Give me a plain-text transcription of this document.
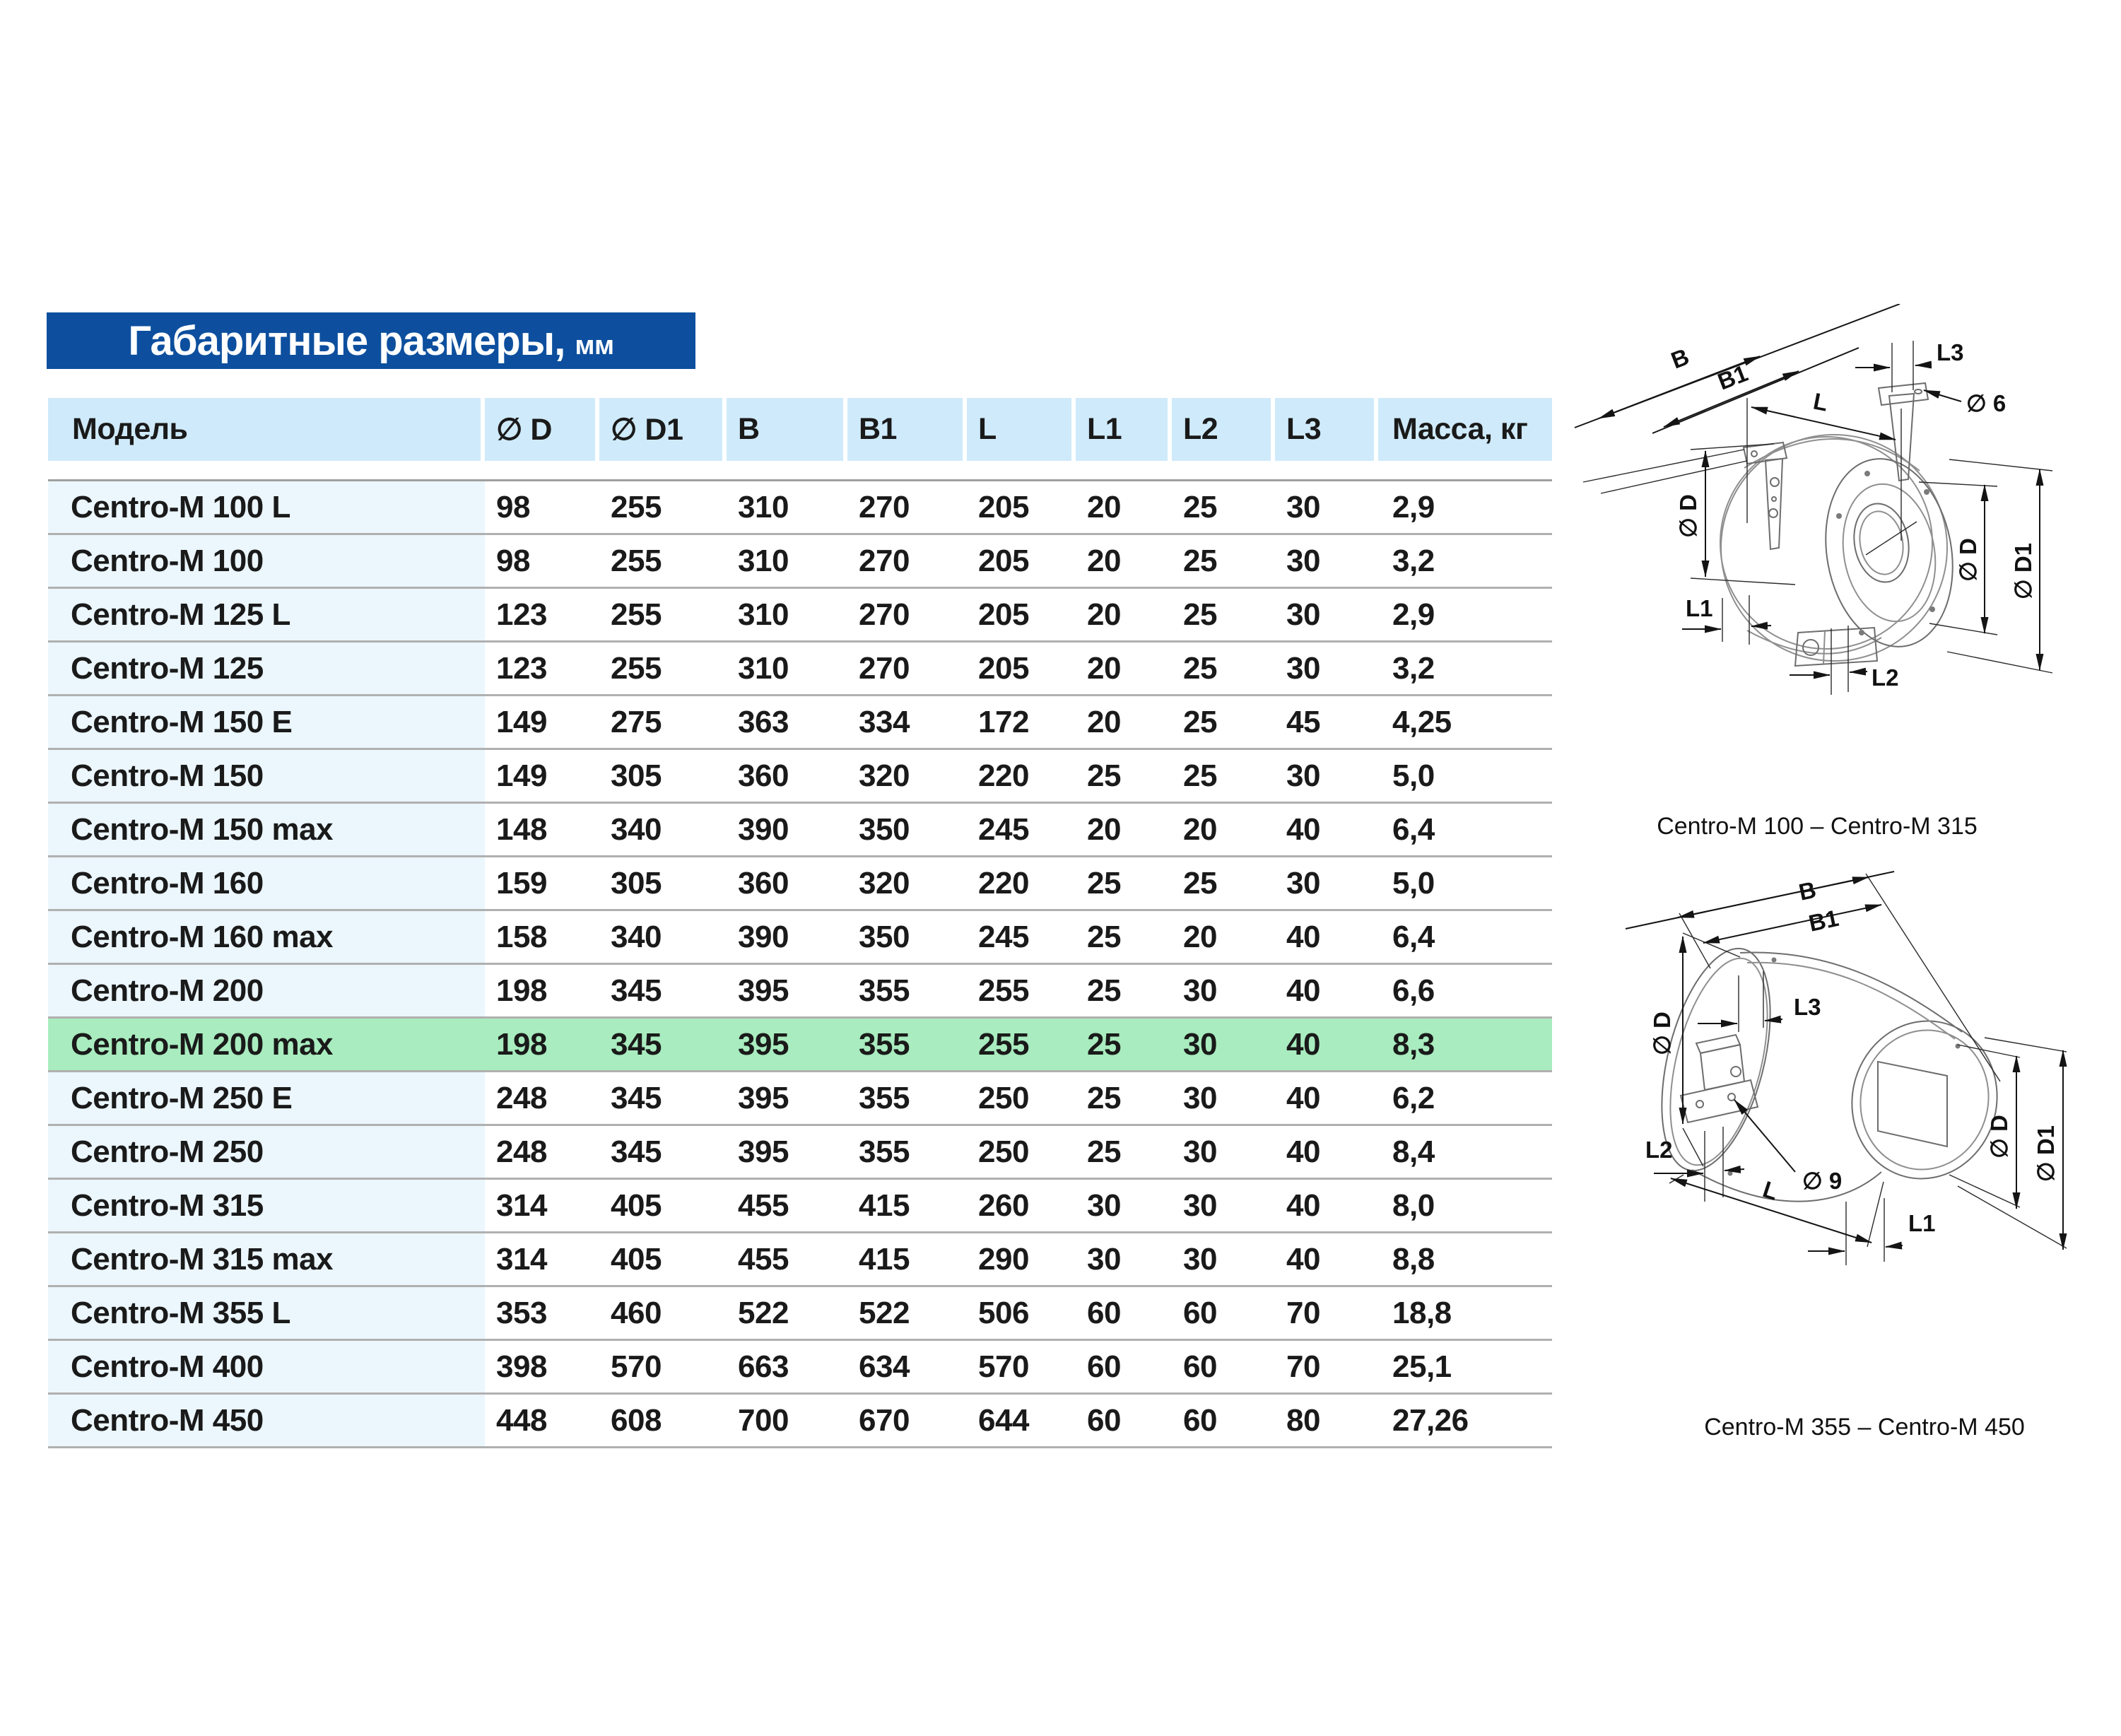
Габаритные размеры, мм
Модель	∅ D	∅ D1	B	B1	L	L1	L2	L3	Масса, кг
Centro-M 100 L	98	255	310	270	205	20	25	30	2,9
Centro-M 100	98	255	310	270	205	20	25	30	3,2
Centro-M 125 L	123	255	310	270	205	20	25	30	2,9
Centro-M 125	123	255	310	270	205	20	25	30	3,2
Centro-M 150 E	149	275	363	334	172	20	25	45	4,25
Centro-M 150	149	305	360	320	220	25	25	30	5,0
Centro-M 150 max	148	340	390	350	245	20	20	40	6,4
Centro-M 160	159	305	360	320	220	25	25	30	5,0
Centro-M 160 max	158	340	390	350	245	25	20	40	6,4
Centro-M 200	198	345	395	355	255	25	30	40	6,6
Centro-M 200 max	198	345	395	355	255	25	30	40	8,3
Centro-M 250 E	248	345	395	355	250	25	30	40	6,2
Centro-M 250	248	345	395	355	250	25	30	40	8,4
Centro-M 315	314	405	455	415	260	30	30	40	8,0
Centro-M 315 max	314	405	455	415	290	30	30	40	8,8
Centro-M 355 L	353	460	522	522	506	60	60	70	18,8
Centro-M 400	398	570	663	634	570	60	60	70	25,1
Centro-M 450	448	608	700	670	644	60	60	80	27,26
B
B1
L
L3
∅ 6
∅ D
∅ D ∅ D1
L1
L2
Centro-M 100 – Centro-M 315
B
B1
∅ D
L3
L2
∅ 9
L
L1
∅ D ∅ D1
Centro-M 355 – Centro-M 450
